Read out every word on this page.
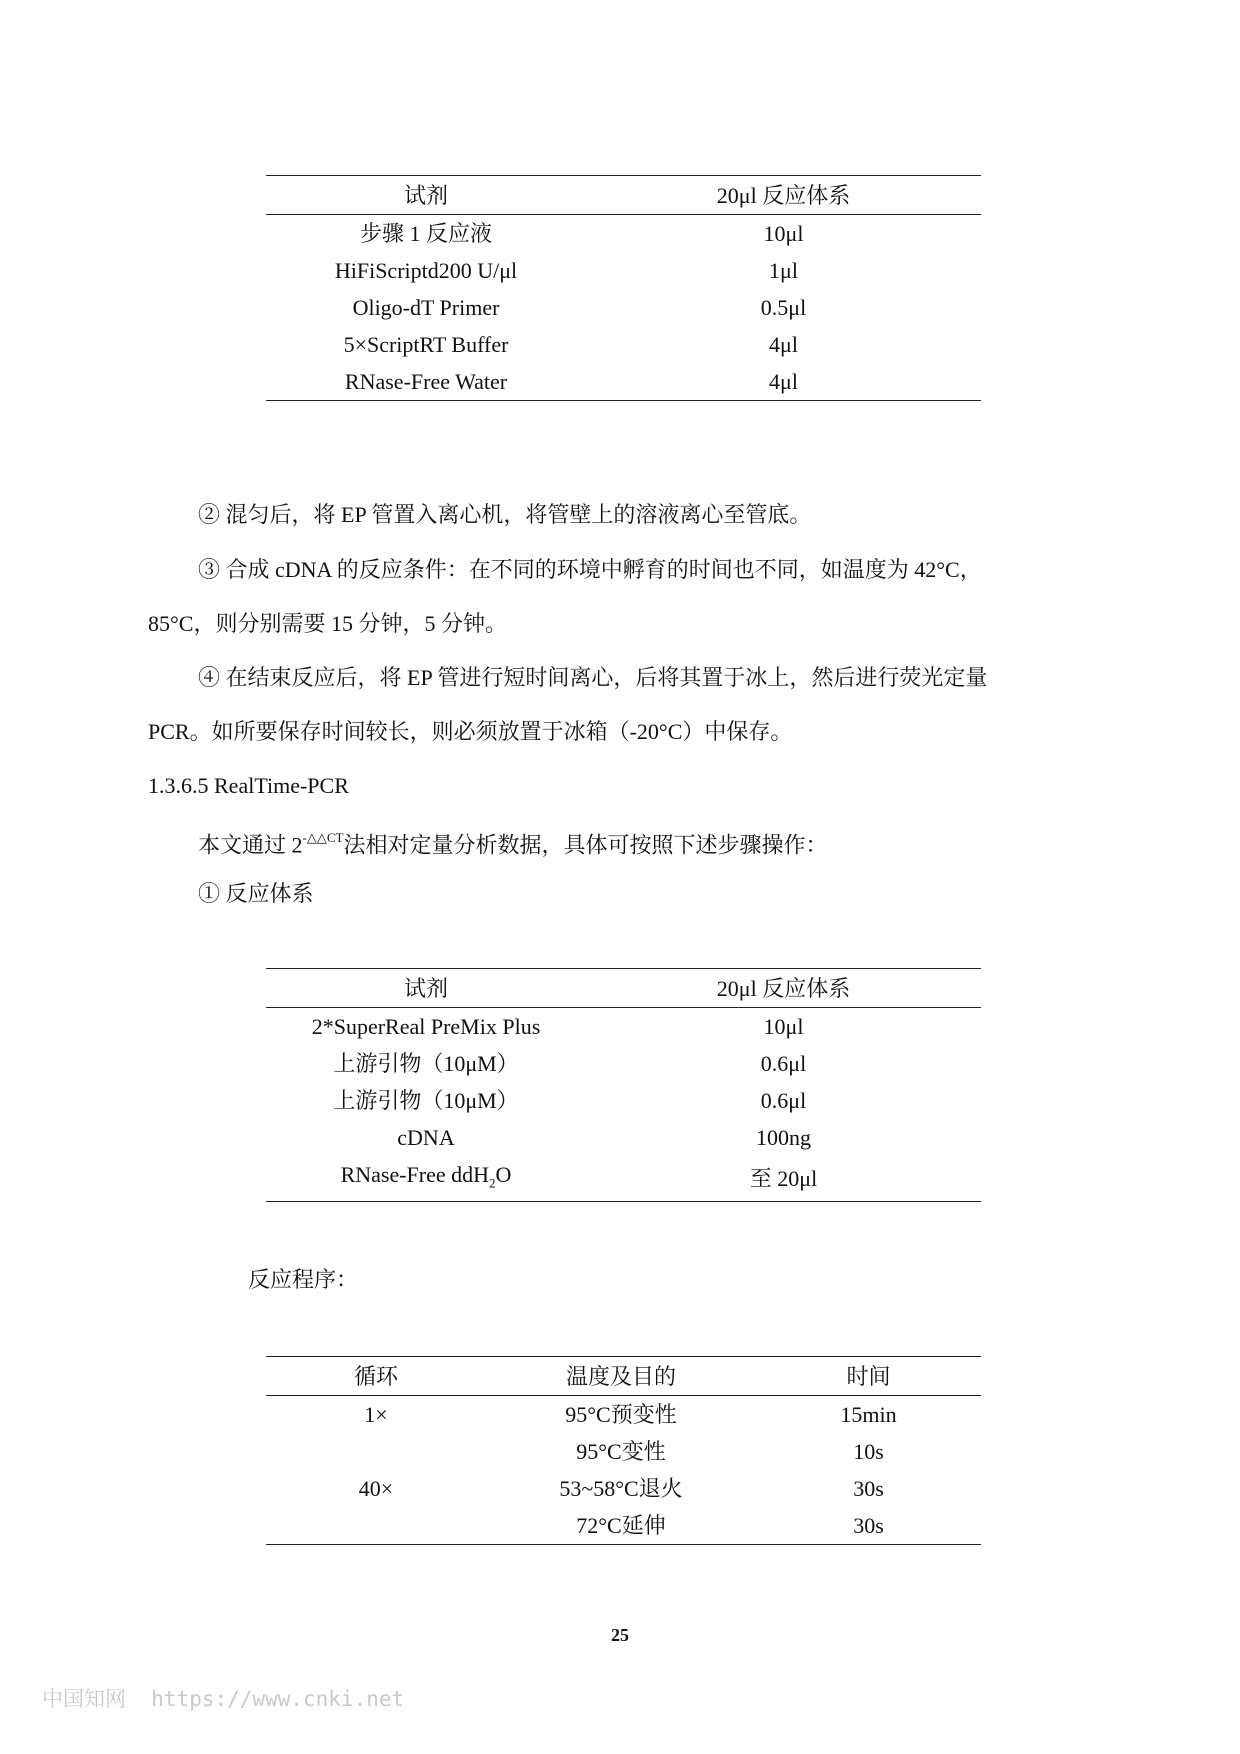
试剂	20μl 反应体系
步骤 1 反应液	10μl
HiFiScriptd200 U/μl	1μl
Oligo-dT Primer	0.5μl
5×ScriptRT Buffer	4μl
RNase-Free Water	4μl

② 混匀后，将 EP 管置入离心机，将管壁上的溶液离心至管底。

③ 合成 cDNA 的反应条件：在不同的环境中孵育的时间也不同，如温度为 42°C，

85°C，则分别需要 15 分钟，5 分钟。

④ 在结束反应后，将 EP 管进行短时间离心，后将其置于冰上，然后进行荧光定量

PCR。如所要保存时间较长，则必须放置于冰箱（-20°C）中保存。

1.3.6.5 RealTime-PCR

本文通过 $2^{-\triangle\triangle CT}$法相对定量分析数据，具体可按照下述步骤操作：

① 反应体系

试剂	20μl 反应体系
2*SuperReal PreMix Plus	10μl
上游引物（10μM）	0.6μl
上游引物（10μM）	0.6μl
cDNA	100ng
RNase-Free ddH$_2$O	至 20μl

反应程序：

循环	温度及目的	时间
1×	95°C预变性	15min
	95°C变性	10s
40×	53~58°C退火	30s
	72°C延伸	30s
25
中国知网  https://www.cnki.net
